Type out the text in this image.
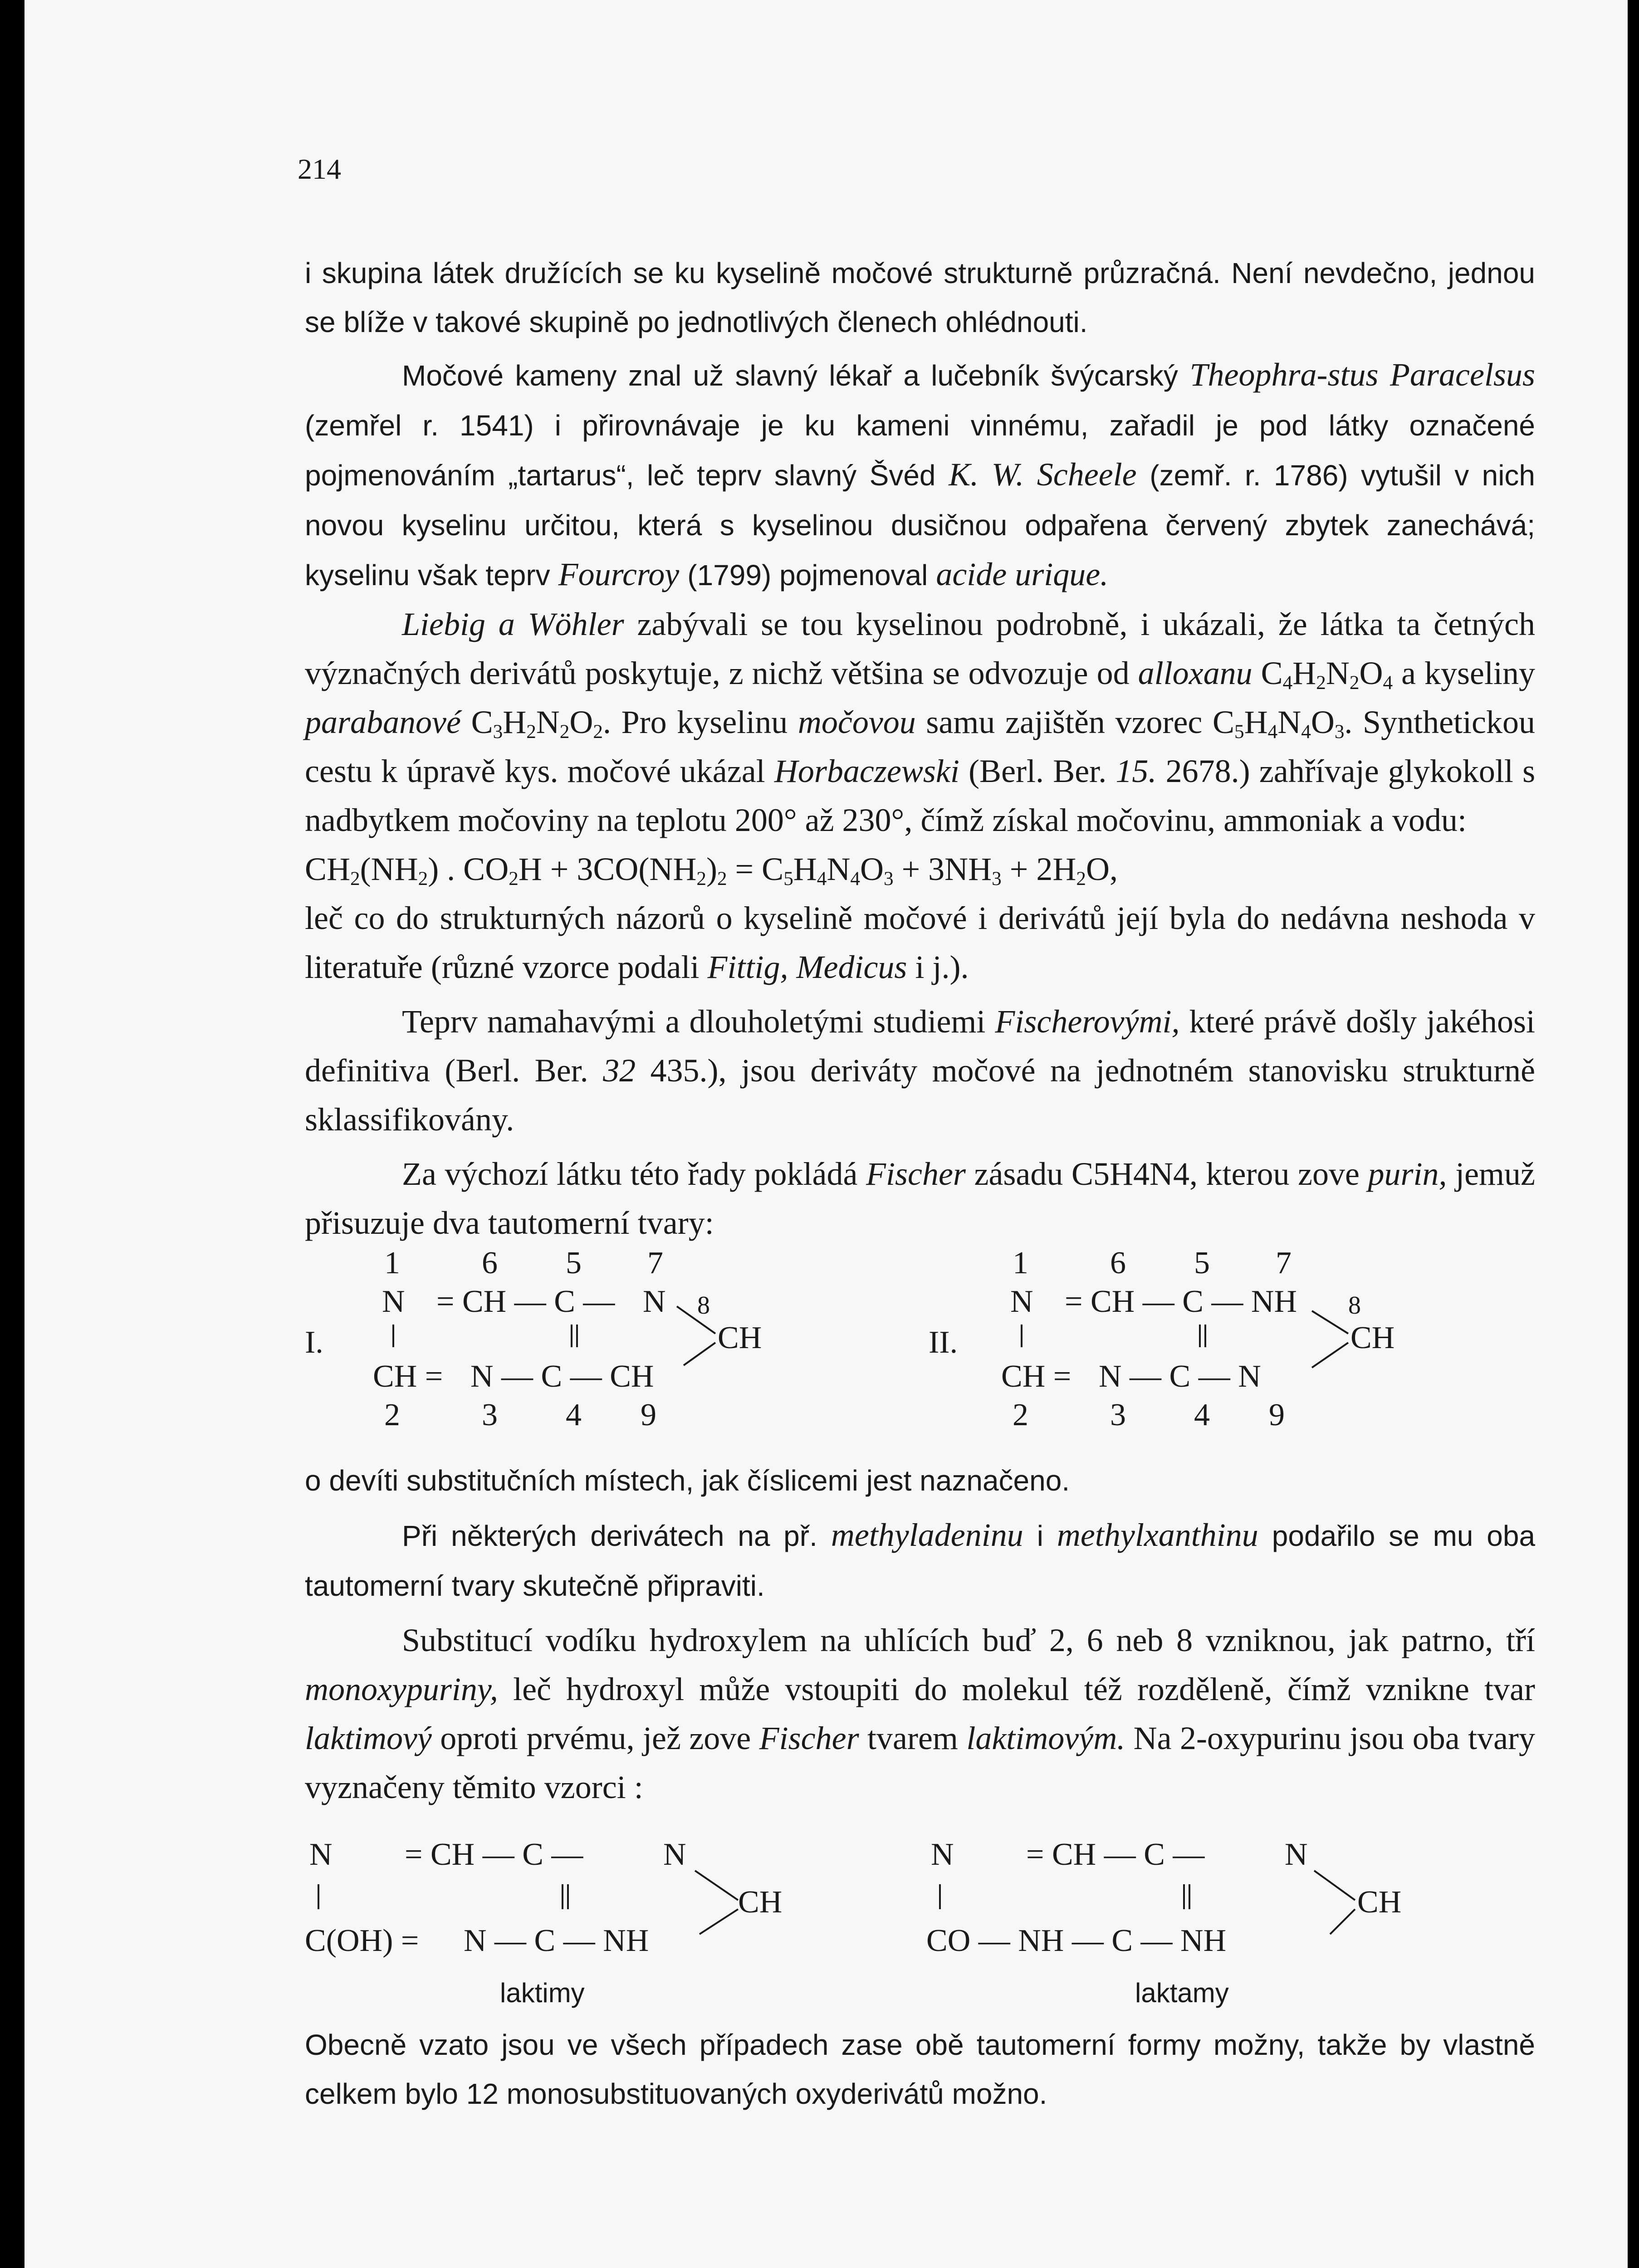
214

i skupina látek družících se ku kyselině močové strukturně průzračná. Není nevdečno, jednou se blíže v takové skupině po jednotlivých členech ohlédnouti.

Močové kameny znal už slavný lékař a lučebník švýcarský Theophra-stus Paracelsus (zemřel r. 1541) i přirovnávaje je ku kameni vinnému, zařadil je pod látky označené pojmenováním „tartarus“, leč teprv slavný Švéd K. W. Scheele (zemř. r. 1786) vytušil v nich novou kyselinu určitou, která s kyselinou dusičnou odpařena červený zbytek zanechává; kyselinu však teprv Fourcroy (1799) pojmenoval acide urique.

Liebig a Wöhler zabývali se tou kyselinou podrobně, i ukázali, že látka ta četných význačných derivátů poskytuje, z nichž většina se odvozuje od alloxanu $C_4H_2N_2O_4$ a kyseliny parabanové $C_3H_2N_2O_2$. Pro kyselinu močovou samu zajištěn vzorec $C_5H_4N_4O_3$. Synthetickou cestu k úpravě kys. močové ukázal Horbaczewski (Berl. Ber. 15. 2678.) zahřívaje glykokoll s nadbytkem močoviny na teplotu 200° až 230°, čímž získal močovinu, ammoniak a vodu:

$CH_2(NH_2)$ . $CO_2H + 3CO(NH_2)_2 = C_5H_4N_4O_3 + 3NH_3 + 2H_2O$,

leč co do strukturných názorů o kyselině močové i derivátů její byla do nedávna neshoda v literatuře (různé vzorce podali Fittig, Medicus i j.).

Teprv namahavými a dlouholetými studiemi Fischerovými, které právě došly jakéhosi definitiva (Berl. Ber. 32 435.), jsou deriváty močové na jednotném stanovisku strukturně sklassifikovány.

Za výchozí látku této řady pokládá Fischer zásadu C5H4N4, kterou zove purin, jemuž přisuzuje dva tautomerní tvary:

1	6 5 7
N = CH — C — N 8
I.	CH
CH = N — C — CH
2	3 4 9
1	6 5 7
N = CH — C — NH 8
II.	CH
CH = N — C — N
2	3 4 9

o devíti substitučních místech, jak číslicemi jest naznačeno.

Při některých derivátech na př. methyladeninu i methylxanthinu podařilo se mu oba tautomerní tvary skutečně připraviti.

Substitucí vodíku hydroxylem na uhlících buď 2, 6 neb 8 vzniknou, jak patrno, tří monoxypuriny, leč hydroxyl může vstoupiti do molekul též rozděleně, čímž vznikne tvar laktimový oproti prvému, jež zove Fischer tvarem laktimovým. Na 2-oxypurinu jsou oba tvary vyznačeny těmito vzorci :

N = CH — C —	N
CH
C(OH) = N — C — NH
laktimy
N = CH — C —	N
CH
CO — NH — C — NH
laktamy

Obecně vzato jsou ve všech případech zase obě tautomerní formy možny, takže by vlastně celkem bylo 12 monosubstituovaných oxyderivátů možno.
